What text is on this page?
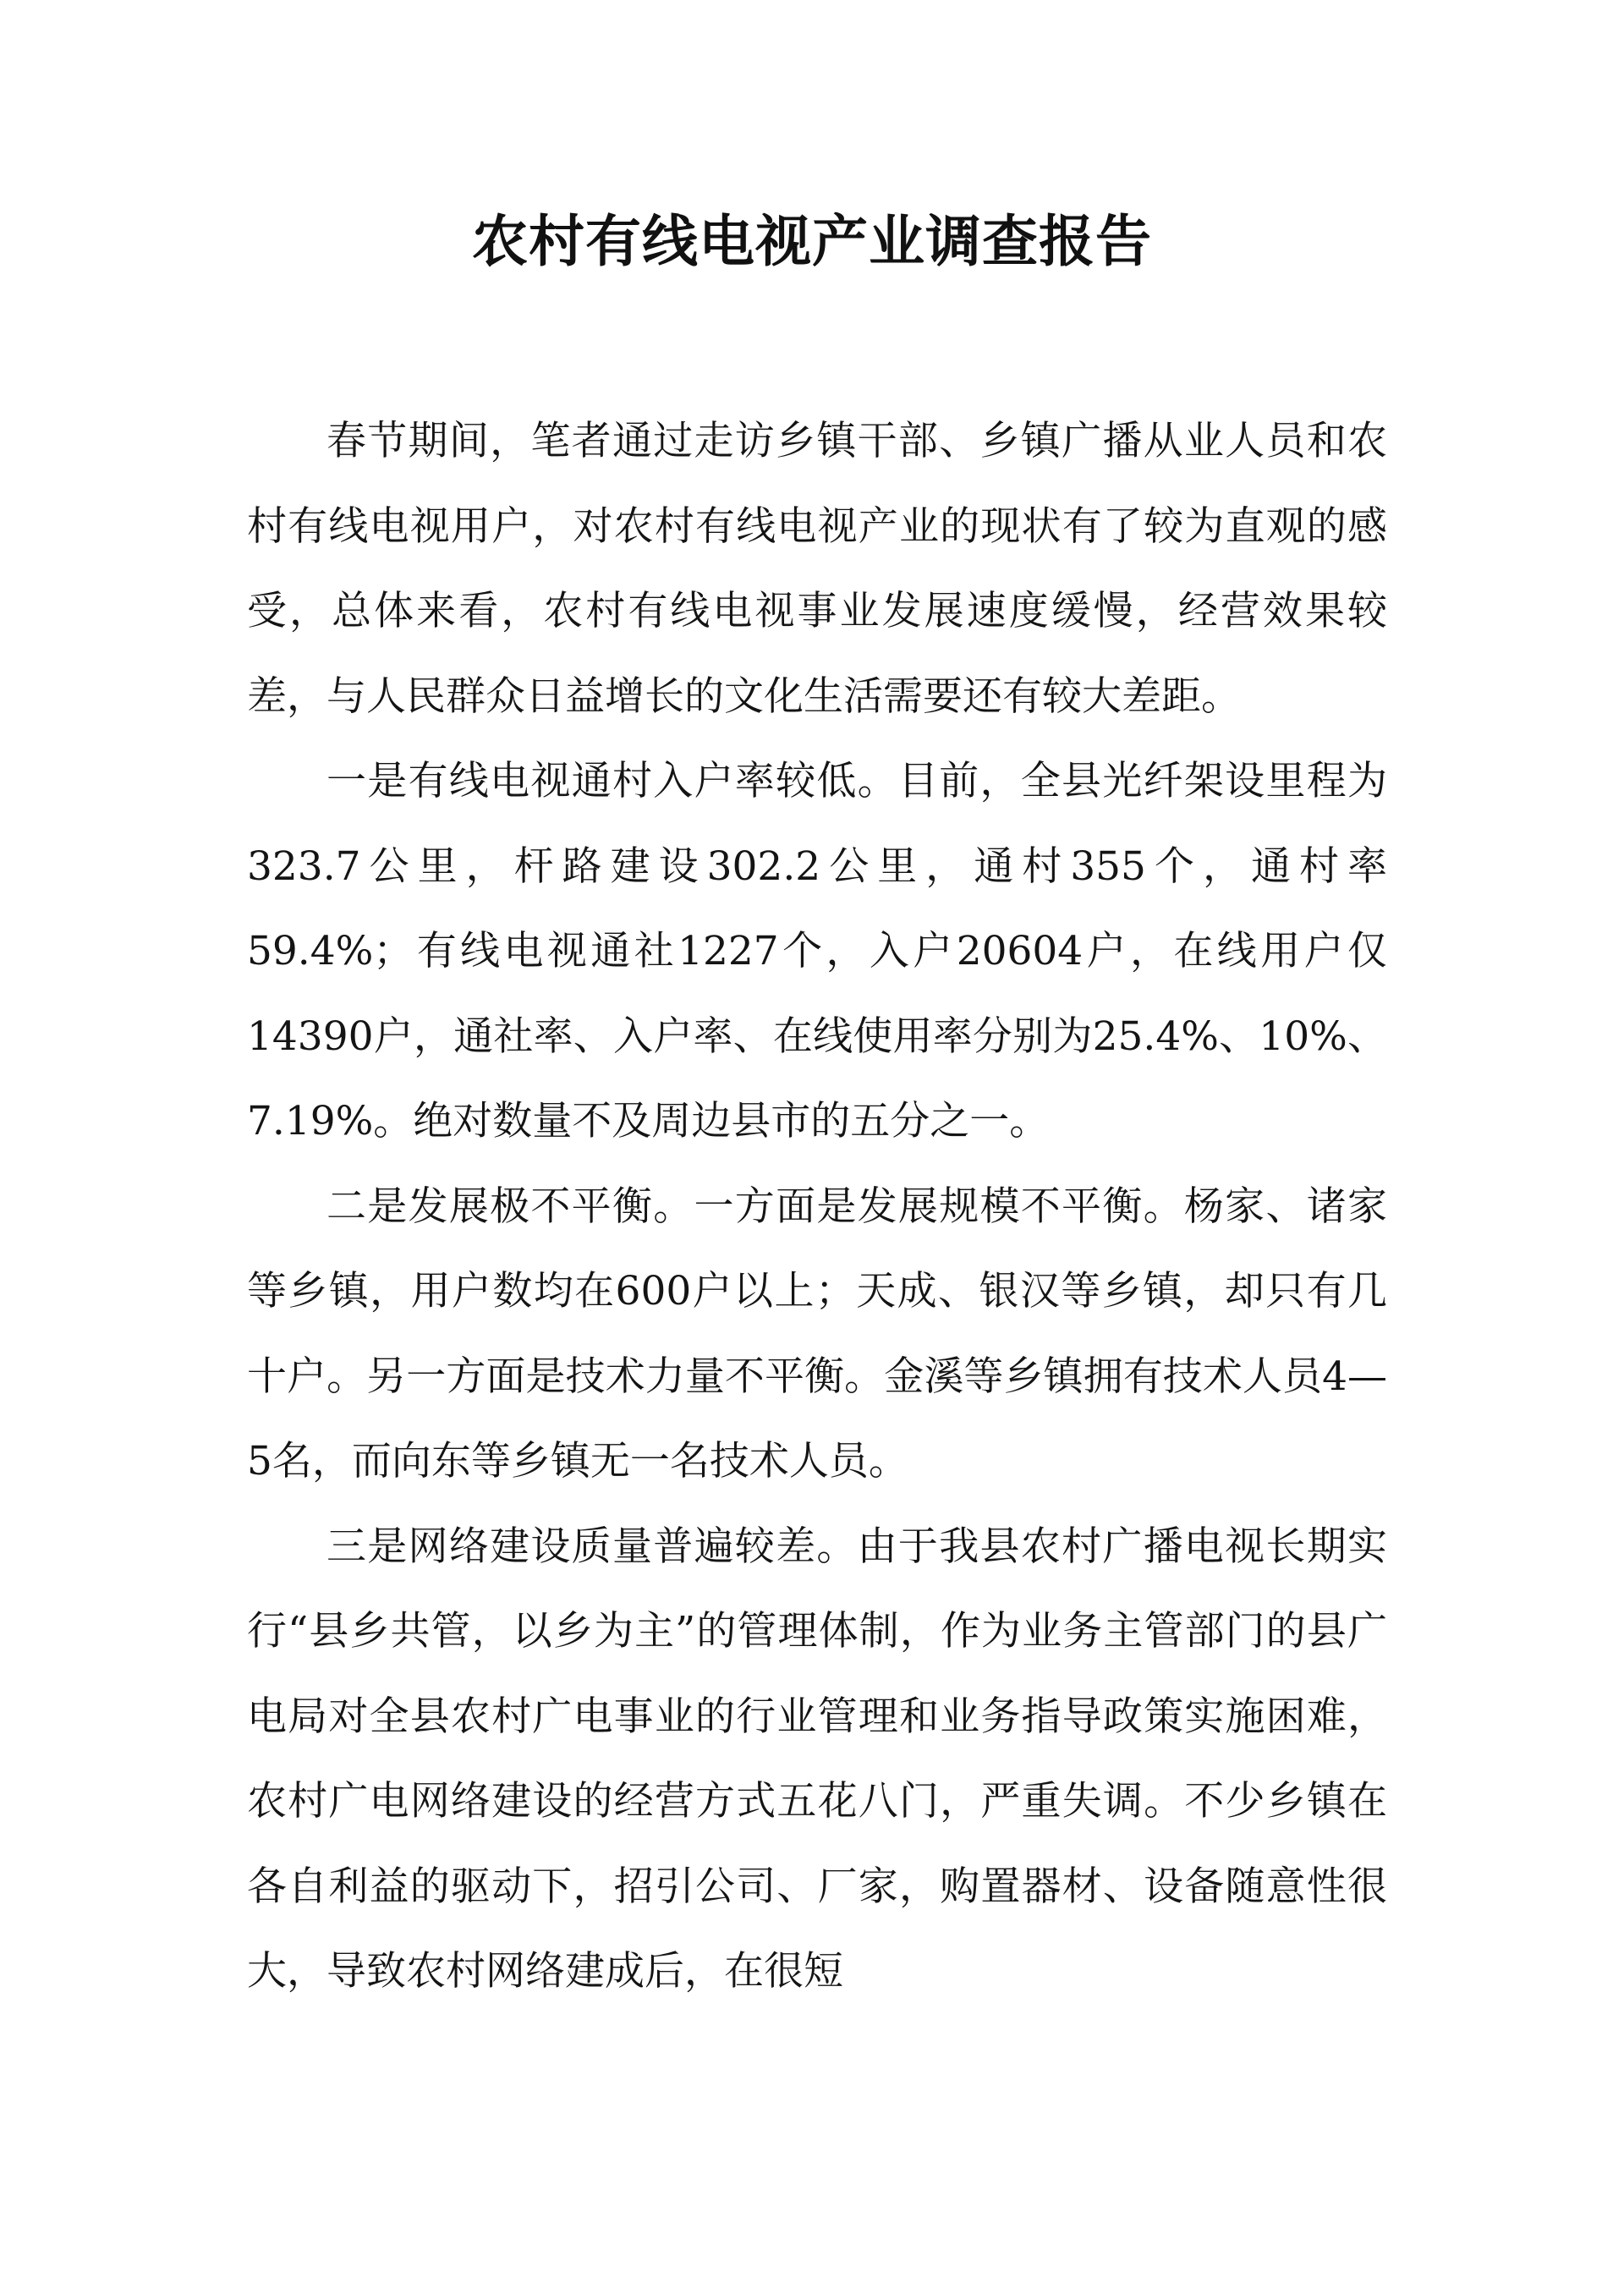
农村有线电视产业调查报告

春节期间，笔者通过走访乡镇干部、乡镇广播从业人员和农村有线电视用户，对农村有线电视产业的现状有了较为直观的感受，总体来看，农村有线电视事业发展速度缓慢，经营效果较差，与人民群众日益增长的文化生活需要还有较大差距。

一是有线电视通村入户率较低。目前，全县光纤架设里程为323.7公里，杆路建设302.2公里，通村355个，通村率59.4%；有线电视通社1227个，入户20604户，在线用户仅14390户，通社率、入户率、在线使用率分别为25.4%、10%、7.19%。绝对数量不及周边县市的五分之一。

二是发展极不平衡。一方面是发展规模不平衡。杨家、诸家等乡镇，用户数均在600户以上；天成、银汉等乡镇，却只有几十户。另一方面是技术力量不平衡。金溪等乡镇拥有技术人员4—5名，而向东等乡镇无一名技术人员。

三是网络建设质量普遍较差。由于我县农村广播电视长期实行“县乡共管，以乡为主”的管理体制，作为业务主管部门的县广电局对全县农村广电事业的行业管理和业务指导政策实施困难，农村广电网络建设的经营方式五花八门，严重失调。不少乡镇在各自利益的驱动下，招引公司、厂家，购置器材、设备随意性很大，导致农村网络建成后，在很短
